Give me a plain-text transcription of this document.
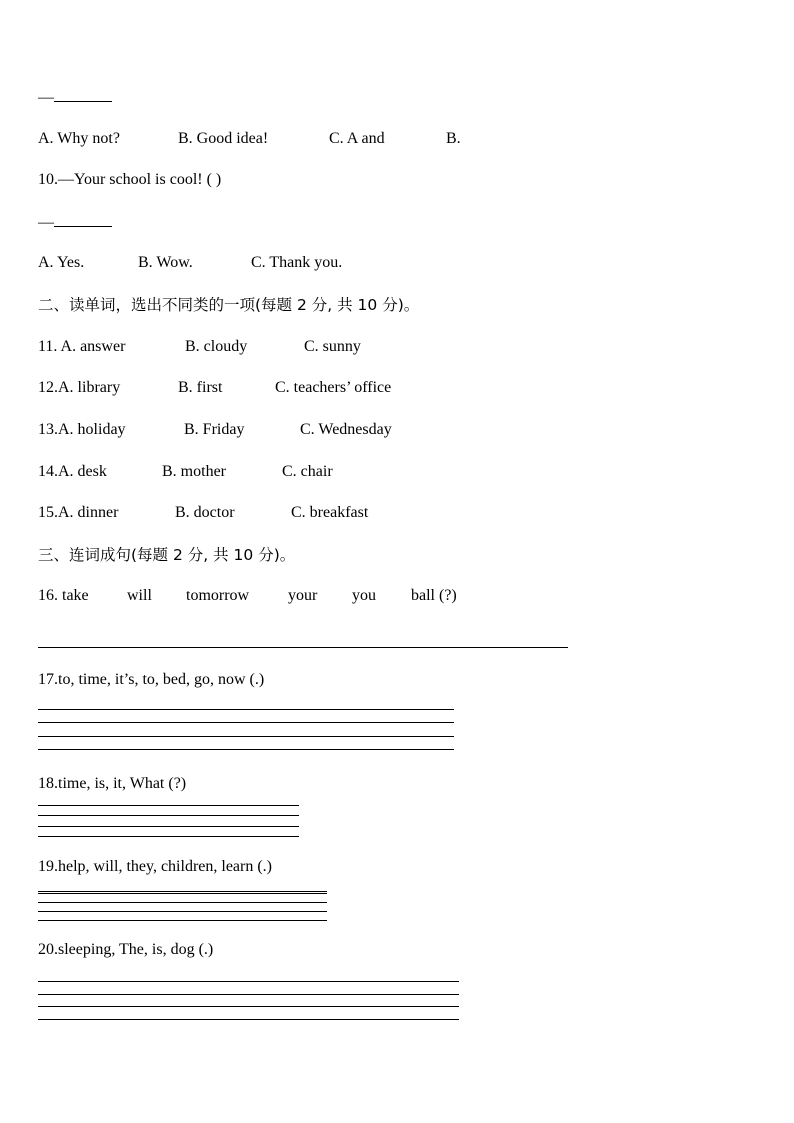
—
A. Why not?	B. Good idea!	C. A and	B.
10.—Your school is cool! ( )
—
A. Yes.	B. Wow.	C. Thank you.
二、读单词，选出不同类的一项(每题 2 分, 共 10 分)。
11. A. answer	B. cloudy	C. sunny
12.A. library	B. first	C. teachers’ office
13.A. holiday	B. Friday	C. Wednesday
14.A. desk	B. mother	C. chair
15.A. dinner	B. doctor	C. breakfast
三、连词成句(每题 2 分, 共 10 分)。
16. take will tomorrow your you ball (?)
17.to, time, it’s, to, bed, go, now (.)
18.time, is, it, What (?)
19.help, will, they, children, learn (.)
20.sleeping, The, is, dog (.)
